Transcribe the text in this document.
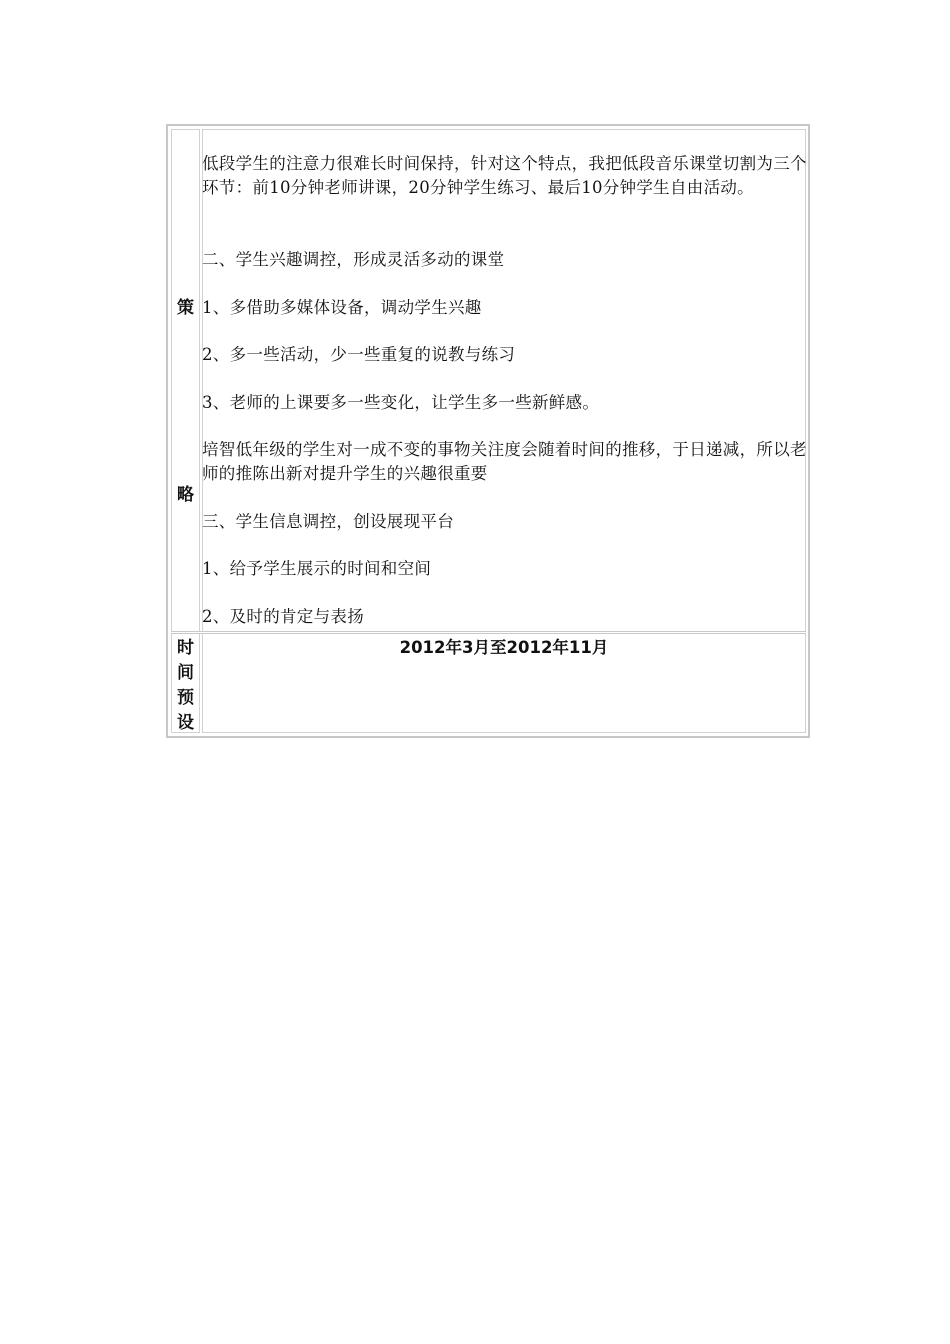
策
略
时
间
预
设

低段学生的注意力很难长时间保持，针对这个特点，我把低段音乐课堂切割为三个环节：前10分钟老师讲课，20分钟学生练习、最后10分钟学生自由活动。

二、学生兴趣调控，形成灵活多动的课堂

1、多借助多媒体设备，调动学生兴趣

2、多一些活动，少一些重复的说教与练习

3、老师的上课要多一些变化，让学生多一些新鲜感。

培智低年级的学生对一成不变的事物关注度会随着时间的推移，于日递减，所以老师的推陈出新对提升学生的兴趣很重要

三、学生信息调控，创设展现平台

1、给予学生展示的时间和空间

2、及时的肯定与表扬

2012年3月至2012年11月
